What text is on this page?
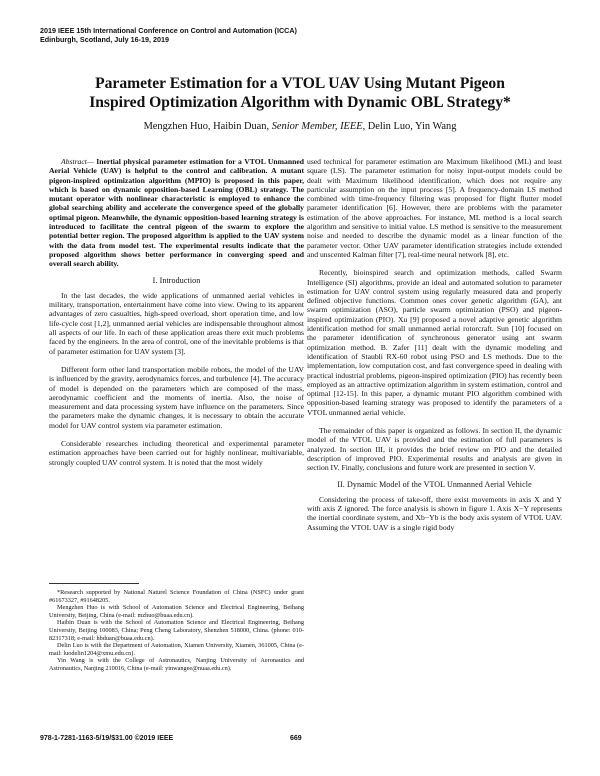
2019 IEEE 15th International Conference on Control and Automation (ICCA)
Edinburgh, Scotland, July 16-19, 2019
Parameter Estimation for a VTOL UAV Using Mutant Pigeon
Inspired Optimization Algorithm with Dynamic OBL Strategy*
Mengzhen Huo, Haibin Duan, Senior Member, IEEE, Delin Luo, Yin Wang

Abstract— Inertial physical parameter estimation for a VTOL Unmanned Aerial Vehicle (UAV) is helpful to the control and calibration. A mutant pigeon-inspired optimization algorithm (MPIO) is proposed in this paper, which is based on dynamic opposition-based Learning (OBL) strategy. The mutant operator with nonlinear characteristic is employed to enhance the global searching ability and accelerate the convergence speed of the globally optimal pigeon. Meanwhile, the dynamic opposition-based learning strategy is introduced to facilitate the central pigeon of the swarm to explore the potential better region. The proposed algorithm is applied to the UAV system with the data from model test. The experimental results indicate that the proposed algorithm shows better performance in converging speed and overall search ability.

I. Introduction

In the last decades, the wide applications of unmanned aerial vehicles in military, transportation, entertainment have come into view. Owing to its apparent advantages of zero casualties, high-speed overload, short operation time, and low life-cycle cost [1,2], unmanned aerial vehicles are indispensable throughout almost all aspects of our life. In each of these application areas there exit much problems faced by the engineers. In the area of control, one of the inevitable problems is that of parameter estimation for UAV system [3].

Different form other land transportation mobile robots, the model of the UAV is influenced by the gravity, aerodynamics forces, and turbulence [4]. The accuracy of model is depended on the parameters which are composed of the mass, aerodynamic coefficient and the moments of inertia. Also, the noise of measurement and data processing system have influence on the parameters. Since the parameters make the dynamic changes, it is necessary to obtain the accurate model for UAV control system via parameter estimation.

Considerable researches including theoretical and experimental parameter estimation approaches have been carried out for highly nonlinear, multivariable, strongly coupled UAV control system. It is noted that the most widely

*Research supported by National Naturel Science Foundation of China (NSFC) under grant #61673327, #91648205.

Mengzhen Huo is with School of Automation Science and Electrical Engineering, Beihang University, Beijing, China (e-mail: mzhuo@buaa.edu.cn).

Haibin Duan is with the School of Automation Science and Electrical Engineering, Beihang University, Beijing 100083, China; Peng Cheng Laboratory, Shenzhen 518000, China. (phone: 010-82317318; e-mail: hbduan@buaa.edu.cn).

Delin Luo is with the Department of Automation, Xiamen University, Xiamen, 361005, China (e-mail: luodelin1204@xmu.edu.cn).

Yin Wang is with the College of Astronautics, Nanjing University of Aeronautics and Astronautics, Nanjing 210016, China (e-mail: yinwangee@nuaa.edu.cn).

used technical for parameter estimation are Maximum likelihood (ML) and least square (LS). The parameter estimation for noisy input-output models could be dealt with Maximum likelihood identification, which does not require any particular assumption on the input process [5]. A frequency-domain LS method combined with time-frequency filtering was proposed for flight flutter model parameter identification [6]. However, there are problems with the parameter estimation of the above approaches. For instance, ML method is a local search algorithm and sensitive to initial value. LS method is sensitive to the measurement noise and needed to describe the dynamic model as a linear function of the parameter vector. Other UAV parameter identification strategies include extended and unscented Kalman filter [7], real-time neural network [8], etc.

Recently, bioinspired search and optimization methods, called Swarm Intelligence (SI) algorithms, provide an ideal and automated solution to parameter estimation for UAV control system using regularly measured data and properly defined objective functions. Common ones cover genetic algorithm (GA), ant swarm optimization (ASO), particle swarm optimization (PSO) and pigeon-inspired optimization (PIO). Xu [9] proposed a novel adaptive genetic algorithm identification method for small unmanned aerial rotorcraft. Sun [10] focused on the parameter identification of synchronous generator using ant swarm optimization method. B. Zafer [11] dealt with the dynamic modeling and identification of Staubli RX-60 robot using PSO and LS methods. Due to the implementation, low computation cost, and fast convergence speed in dealing with practical industrial problems, pigeon-inspired optimization (PIO) has recently been employed as an attractive optimization algorithm in system estimation, control and optimal [12-15]. In this paper, a dynamic mutant PIO algorithm combined with opposition-based learning strategy was proposed to identify the parameters of a VTOL unmanned aerial vehicle.

The remainder of this paper is organized as follows. In section II, the dynamic model of the VTOL UAV is provided and the estimation of full parameters is analyzed. In section III, it provides the brief review on PIO and the detailed description of improved PIO. Experimental results and analysis are given in section IV. Finally, conclusions and future work are presented in section V.

II. Dynamic Model of the VTOL Unmanned Aerial Vehicle

Considering the process of take-off, there exist movements in axis X and Y with axis Z ignored. The force analysis is shown in figure 1. Axis X−Y represents the inertial coordinate system, and Xb−Yb is the body axis system of VTOL UAV. Assuming the VTOL UAV is a single rigid body

978-1-7281-1163-5/19/$31.00 ©2019 IEEE	669
